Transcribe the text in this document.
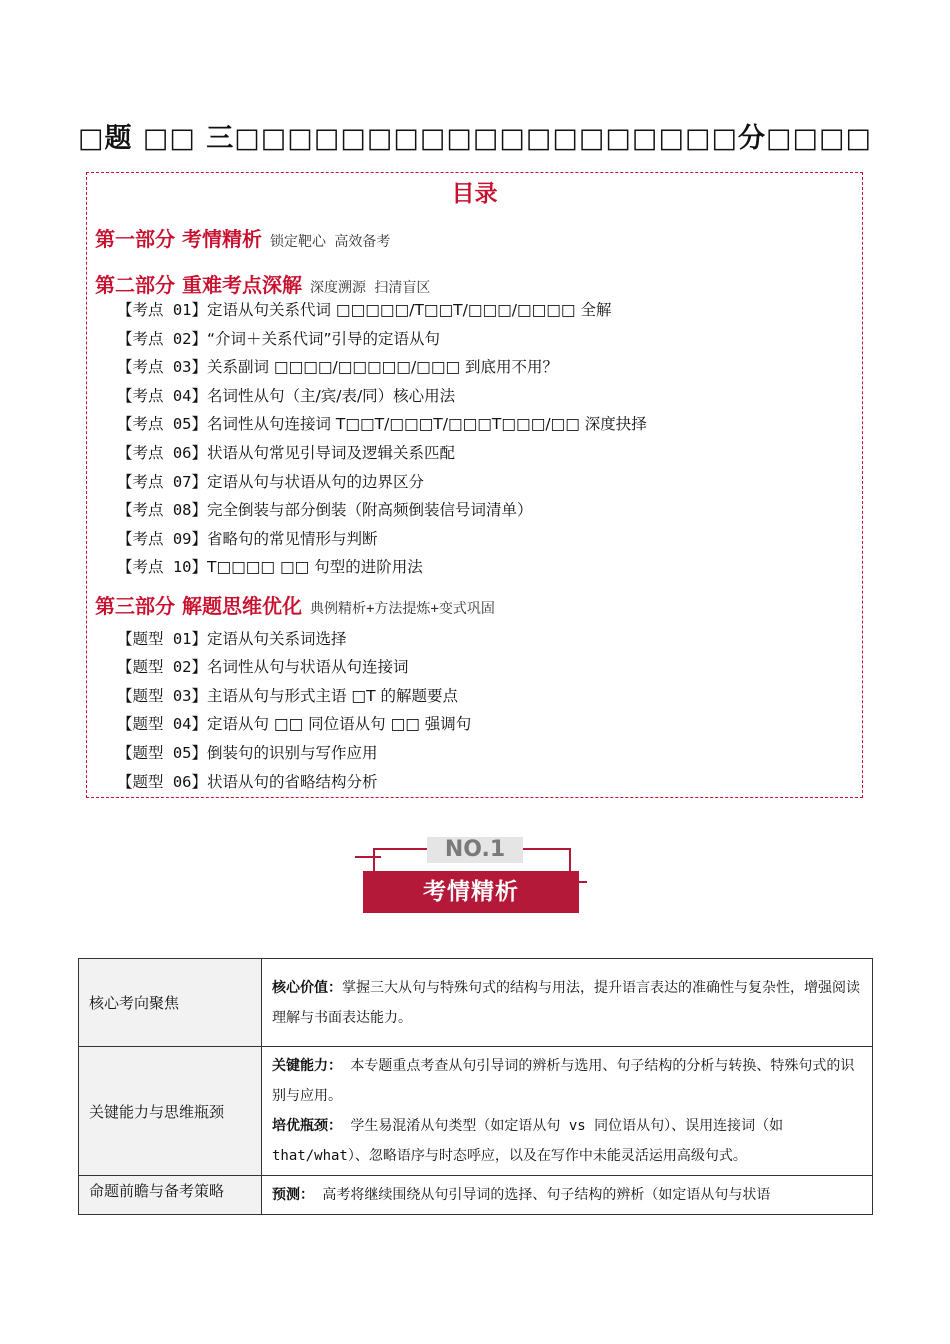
□题 □□ 三□□□□□□□□□□□□□□□□□□□分□□□□
目录
第一部分 考情精析 锁定靶心 高效备考
第二部分 重难考点深解 深度溯源 扫清盲区
【考点 01】定语从句关系代词 □□□□□/T□□T/□□□/□□□□ 全解
【考点 02】“介词＋关系代词”引导的定语从句
【考点 03】关系副词 □□□□/□□□□□/□□□ 到底用不用？
【考点 04】名词性从句（主/宾/表/同）核心用法
【考点 05】名词性从句连接词 T□□T/□□□T/□□□T□□□/□□ 深度抉择
【考点 06】状语从句常见引导词及逻辑关系匹配
【考点 07】定语从句与状语从句的边界区分
【考点 08】完全倒装与部分倒装（附高频倒装信号词清单）
【考点 09】省略句的常见情形与判断
【考点 10】T□□□□ □□ 句型的进阶用法
第三部分 解题思维优化 典例精析+方法提炼+变式巩固
【题型 01】定语从句关系词选择
【题型 02】名词性从句与状语从句连接词
【题型 03】主语从句与形式主语 □T 的解题要点
【题型 04】定语从句 □□ 同位语从句 □□ 强调句
【题型 05】倒装句的识别与写作应用
【题型 06】状语从句的省略结构分析
NO.1
考情精析
核心考向聚焦	核心价值：掌握三大从句与特殊句式的结构与用法，提升语言表达的准确性与复杂性，增强阅读理解与书面表达能力。

关键能力与思维瓶颈	关键能力： 本专题重点考查从句引导词的辨析与选用、句子结构的分析与转换、特殊句式的识别与应用。
培优瓶颈： 学生易混淆从句类型（如定语从句 vs 同位语从句）、误用连接词（如 that/what）、忽略语序与时态呼应，以及在写作中未能灵活运用高级句式。

命题前瞻与备考策略	预测： 高考将继续围绕从句引导词的选择、句子结构的辨析（如定语从句与状语
